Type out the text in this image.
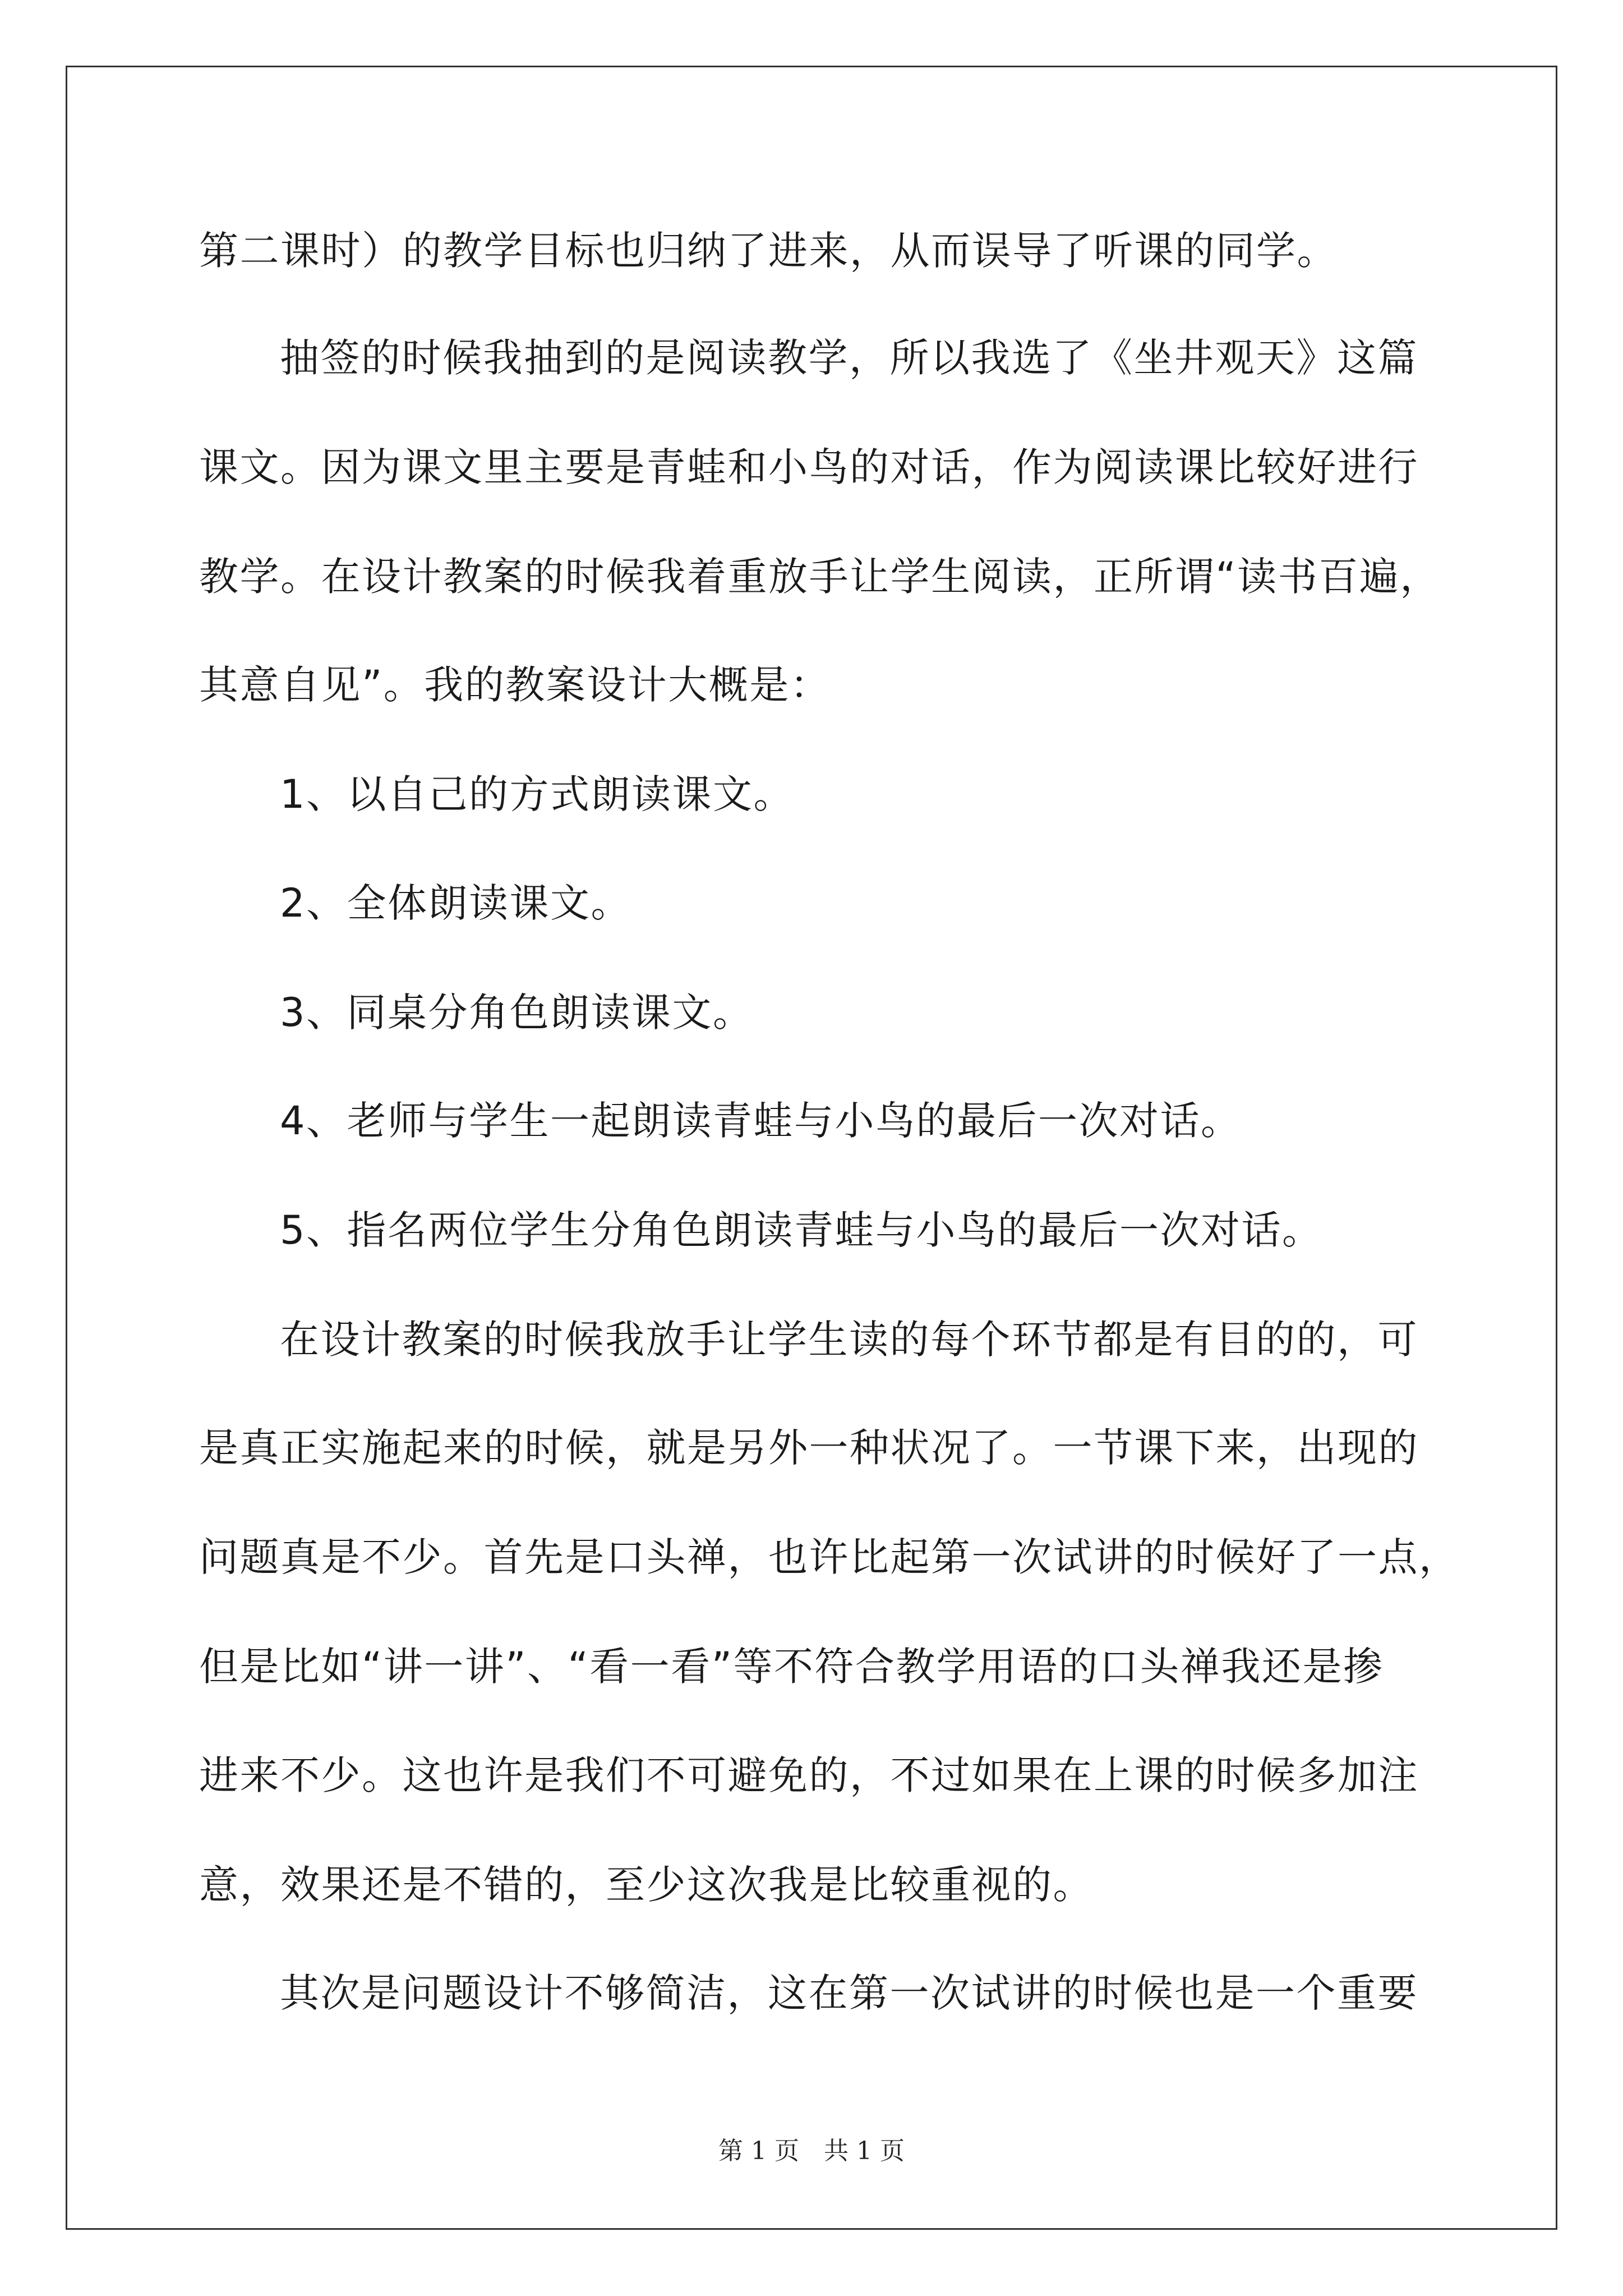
第二课时）的教学目标也归纳了进来，从而误导了听课的同学。
抽签的时候我抽到的是阅读教学，所以我选了《坐井观天》这篇
课文。因为课文里主要是青蛙和小鸟的对话，作为阅读课比较好进行
教学。在设计教案的时候我着重放手让学生阅读，正所谓“读书百遍，
其意自见”。我的教案设计大概是：
1、以自己的方式朗读课文。
2、全体朗读课文。
3、同桌分角色朗读课文。
4、老师与学生一起朗读青蛙与小鸟的最后一次对话。
5、指名两位学生分角色朗读青蛙与小鸟的最后一次对话。
在设计教案的时候我放手让学生读的每个环节都是有目的的，可
是真正实施起来的时候，就是另外一种状况了。一节课下来，出现的
问题真是不少。首先是口头禅，也许比起第一次试讲的时候好了一点，
但是比如“讲一讲”、“看一看”等不符合教学用语的口头禅我还是掺
进来不少。这也许是我们不可避免的，不过如果在上课的时候多加注
意，效果还是不错的，至少这次我是比较重视的。
其次是问题设计不够简洁，这在第一次试讲的时候也是一个重要
第 1 页　共 1 页
